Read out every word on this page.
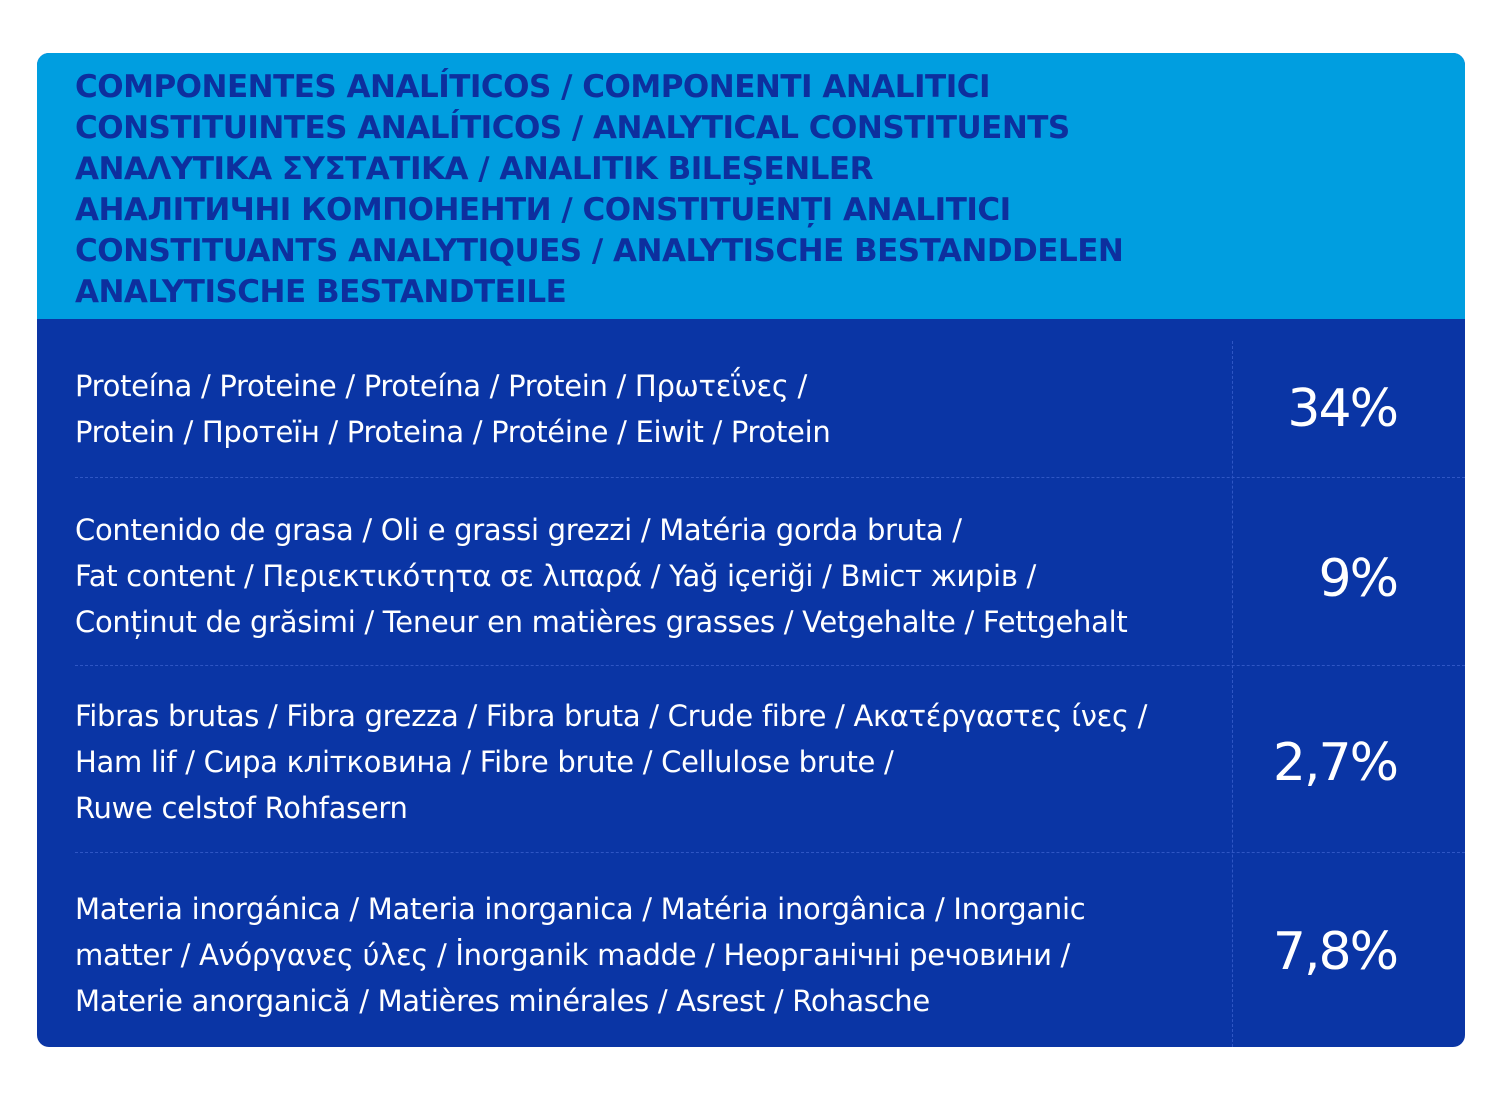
COMPONENTES ANALÍTICOS / COMPONENTI ANALITICI
CONSTITUINTES ANALÍTICOS / ANALYTICAL CONSTITUENTS
ΑΝΑΛΥΤΙΚΑ ΣΥΣΤΑΤΙΚΑ / ANALITIK BILEŞENLER
АНАЛІТИЧНІ КОМПОНЕНТИ / CONSTITUENȚI ANALITICI
CONSTITUANTS ANALYTIQUES / ANALYTISCHE BESTANDDELEN
ANALYTISCHE BESTANDTEILE

Proteína / Proteine / Proteína / Protein / Πρωτεΐνες /
Protein / Протеїн / Proteina / Protéine / Eiwit / Protein	34%

Contenido de grasa / Oli e grassi grezzi / Matéria gorda bruta /
Fat content / Περιεκτικότητα σε λιπαρά / Yağ içeriği / Вміст жирів /
Conținut de grăsimi / Teneur en matières grasses / Vetgehalte / Fettgehalt

9%

Fibras brutas / Fibra grezza / Fibra bruta / Crude fibre / Ακατέργαστες ίνες /
Ham lif / Сира клітковина / Fibre brute / Cellulose brute /
Ruwe celstof Rohfasern

2,7%

Materia inorgánica / Materia inorganica / Matéria inorgânica / Inorganic
matter / Ανόργανες ύλες / İnorganik madde / Неорганічні речовини /
Materie anorganică / Matières minérales / Asrest / Rohasche

7,8%
